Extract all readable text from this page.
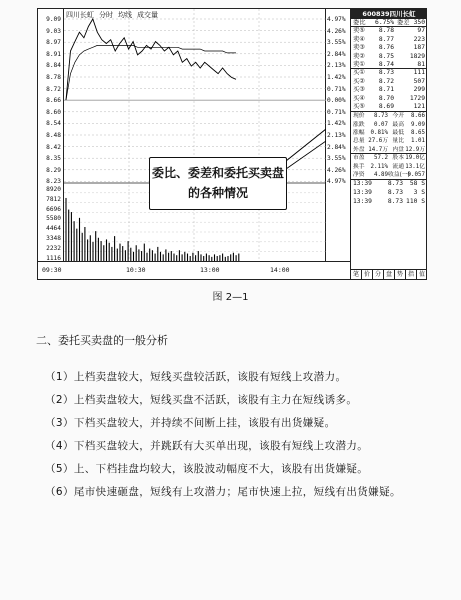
9.09
9.03
8.97
8.91
8.84
8.78
8.72
8.66
8.60
8.54
8.48
8.42
8.35
8.29
8.23
8920
7812
6696
5580
4464
3348
2232
1116
四川长虹 分时 均线 成交量
4.97%
4.26%
3.55%
2.84%
2.13%
1.42%
0.71%
0.00%
0.71%
1.42%
2.13%
2.84%
3.55%
4.26%
4.97%
09:30	10:30	13:00	14:00
600839四川长虹
委比	6.75% 委差 350
卖⑤	8.78	97
卖④	8.77	223
卖③	8.76	187
卖②	8.75	1829
卖①	8.74	81
买①	8.73	111
买②	8.72	507
买③	8.71	299
买④	8.70	1729
买⑤	8.69	121
现价	8.73 今开	8.66
涨跌	0.07 最高	9.09
涨幅	0.81% 最低	8.65
总量 27.6万 量比	1.01
外盘 14.7万 内盘 12.9万
市盈	57.2 股本 19.0亿
换手	2.11% 流通 13.1亿
净资	4.89 收益(一)
0.057
13:39	8.73	58 S
13:39	8.73	3 S
13:39	8.73 110 S
笔 价 分 盘 势 指 值
委比、委差和委托买卖盘
的各种情况
图 2—1
二、委托买卖盘的一般分析
（1）上档卖盘较大，短线买盘较活跃，该股有短线上攻潜力。
（2）上档卖盘较大，短线买盘不活跃，该股有主力在短线诱多。
（3）下档买盘较大，并持续不间断上挂，该股有出货嫌疑。
（4）下档买盘较大，并跳跃有大买单出现，该股有短线上攻潜力。
（5）上、下档挂盘均较大，该股波动幅度不大，该股有出货嫌疑。
（6）尾市快速砸盘，短线有上攻潜力；尾市快速上拉，短线有出货嫌疑。
